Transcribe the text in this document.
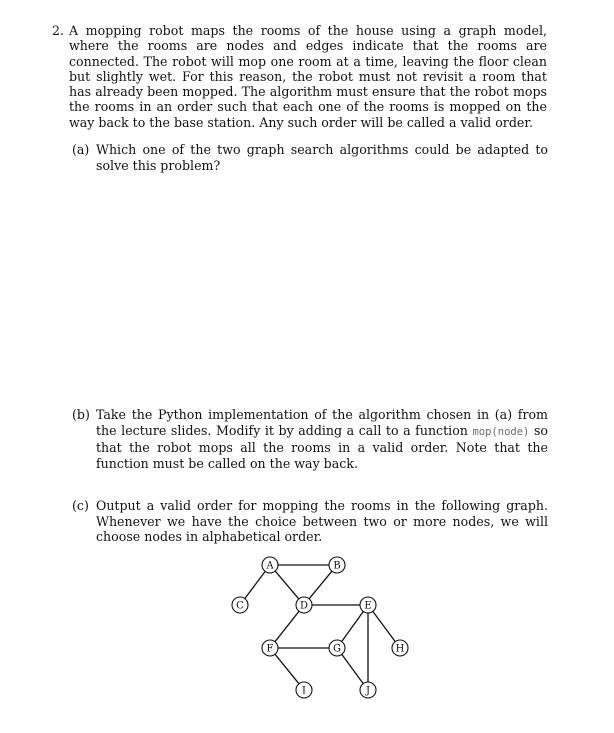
2. A mopping robot maps the rooms of the house using a graph model, where the rooms are nodes and edges indicate that the rooms are connected. The robot will mop one room at a time, leaving the floor clean but slightly wet. For this reason, the robot must not revisit a room that has already been mopped. The algorithm must ensure that the robot mops the rooms in an order such that each one of the rooms is mopped on the way back to the base station. Any such order will be called a valid order.
(a) Which one of the two graph search algorithms could be adapted to solve this problem?
(b) Take the Python implementation of the algorithm chosen in (a) from the lecture slides. Modify it by adding a call to a function mop(node) so that the robot mops all the rooms in a valid order. Note that the function must be called on the way back.
(c) Output a valid order for mopping the rooms in the following graph. Whenever we have the choice between two or more nodes, we will choose nodes in alphabetical order.
A	B
C	D	E
F	G	H
I	J
